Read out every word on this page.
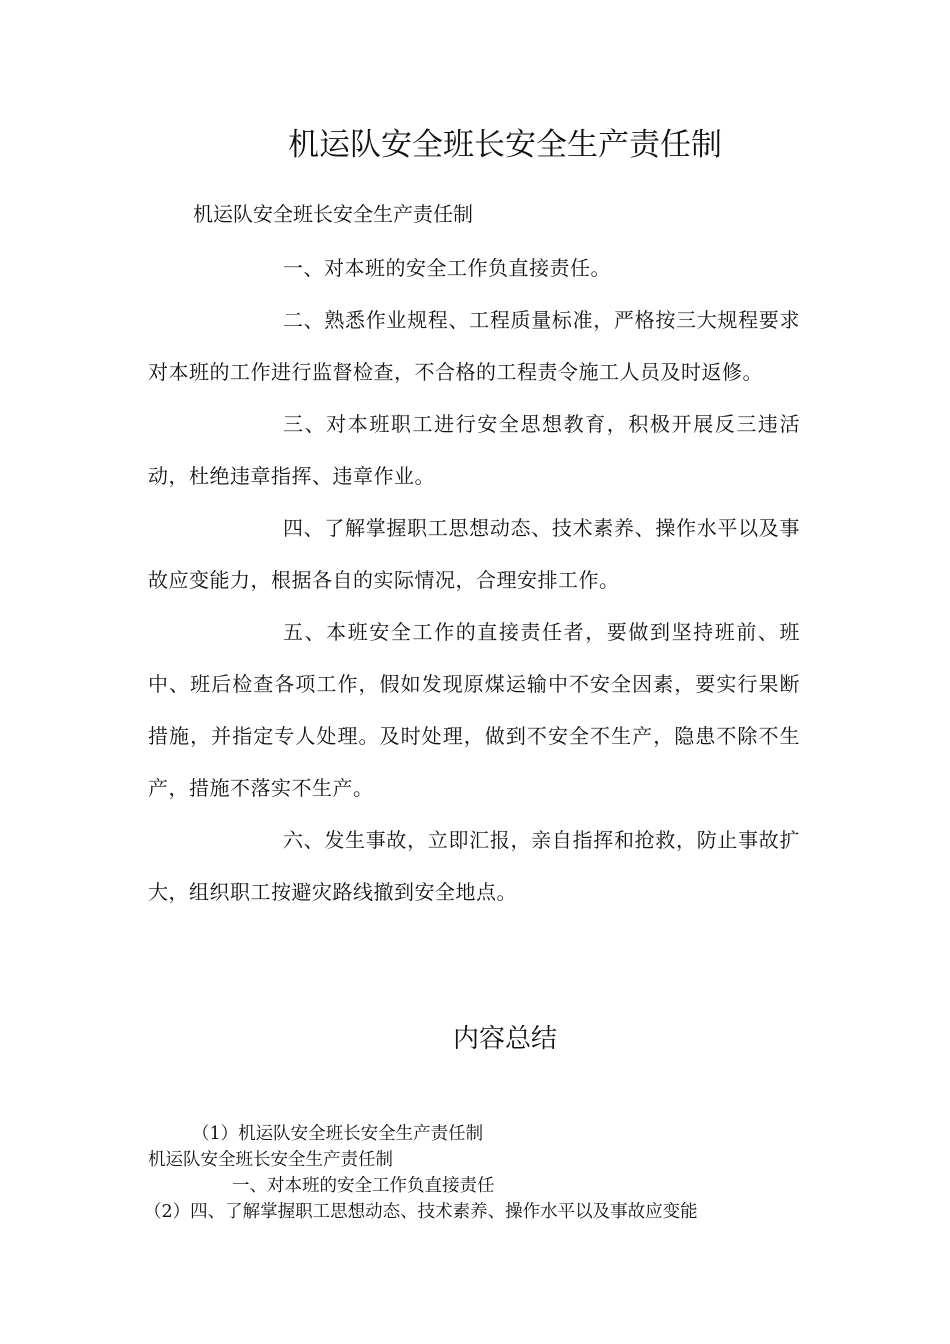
机运队安全班长安全生产责任制
机运队安全班长安全生产责任制

一、对本班的安全工作负直接责任。

二、熟悉作业规程、工程质量标准，严格按三大规程要求对本班的工作进行监督检查，不合格的工程责令施工人员及时返修。

三、对本班职工进行安全思想教育，积极开展反三违活动，杜绝违章指挥、违章作业。

四、了解掌握职工思想动态、技术素养、操作水平以及事故应变能力，根据各自的实际情况，合理安排工作。

五、本班安全工作的直接责任者，要做到坚持班前、班中、班后检查各项工作，假如发现原煤运输中不安全因素，要实行果断措施，并指定专人处理。及时处理，做到不安全不生产，隐患不除不生产，措施不落实不生产。

六、发生事故，立即汇报，亲自指挥和抢救，防止事故扩大，组织职工按避灾路线撤到安全地点。

内容总结
（1）机运队安全班长安全生产责任制
机运队安全班长安全生产责任制
一、对本班的安全工作负直接责任
（2）四、了解掌握职工思想动态、技术素养、操作水平以及事故应变能
